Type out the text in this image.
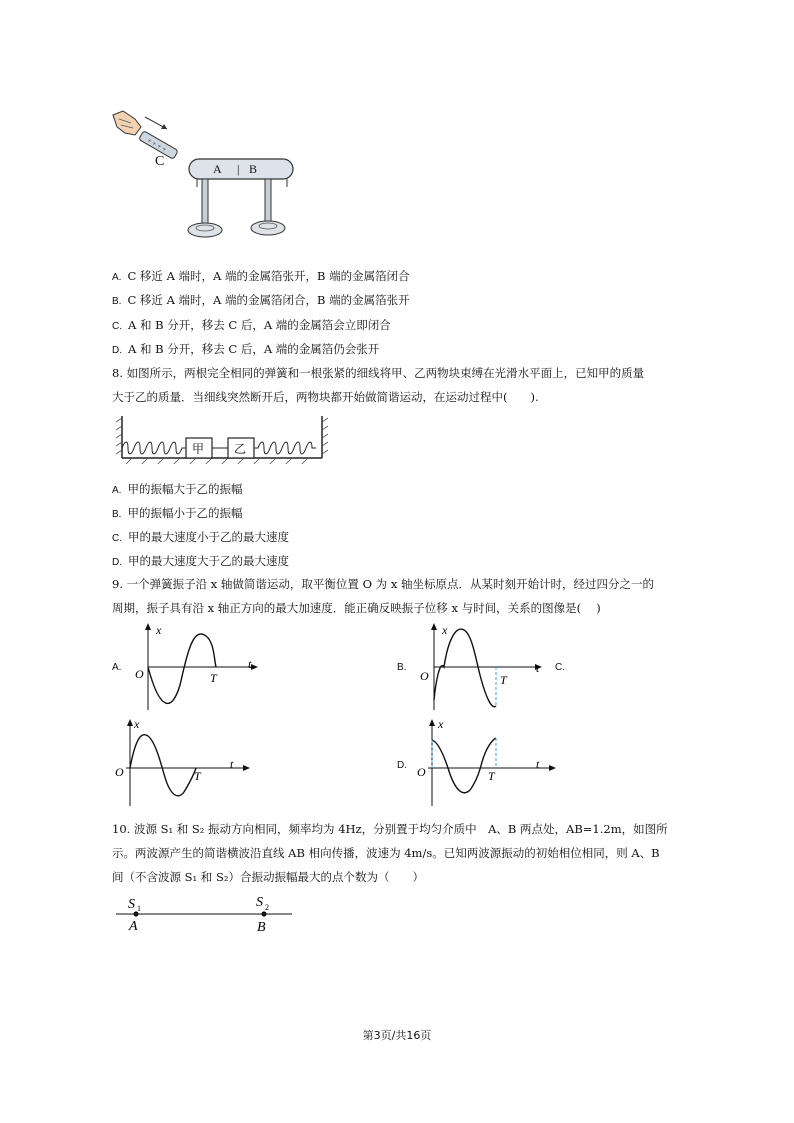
+ + + +
C	A | B
A. C 移近 A 端时，A 端的金属箔张开，B 端的金属箔闭合
B. C 移近 A 端时，A 端的金属箔闭合，B 端的金属箔张开
C. A 和 B 分开，移去 C 后，A 端的金属箔会立即闭合
D. A 和 B 分开，移去 C 后，A 端的金属箔仍会张开
8. 如图所示，两根完全相同的弹簧和一根张紧的细线将甲、乙两物块束缚在光滑水平面上，已知甲的质量
大于乙的质量．当细线突然断开后，两物块都开始做简谐运动，在运动过程中(　　).
甲 乙
A. 甲的振幅大于乙的振幅
B. 甲的振幅小于乙的振幅
C. 甲的最大速度小于乙的最大速度
D. 甲的最大速度大于乙的最大速度
9. 一个弹簧振子沿 x 轴做简谐运动，取平衡位置 O 为 x 轴坐标原点．从某时刻开始计时，经过四分之一的
周期，振子具有沿 x 轴正方向的最大加速度．能正确反映振子位移 x 与时间，关系的图像是(　 )
A.
x
t
O	T
B.
x
t
O	T
C.
x
t
O	T
D.
x
t
O	T
10. 波源 S₁ 和 S₂ 振动方向相同，频率均为 4Hz，分别置于均匀介质中　A、B 两点处，AB=1.2m，如图所
示。两波源产生的简谐横波沿直线 AB 相向传播，波速为 4m/s。已知两波源振动的初始相位相同，则 A、B
间（不含波源 S₁ 和 S₂）合振动振幅最大的点个数为（　　）
S 1	S 2
A	B
第3页/共16页
